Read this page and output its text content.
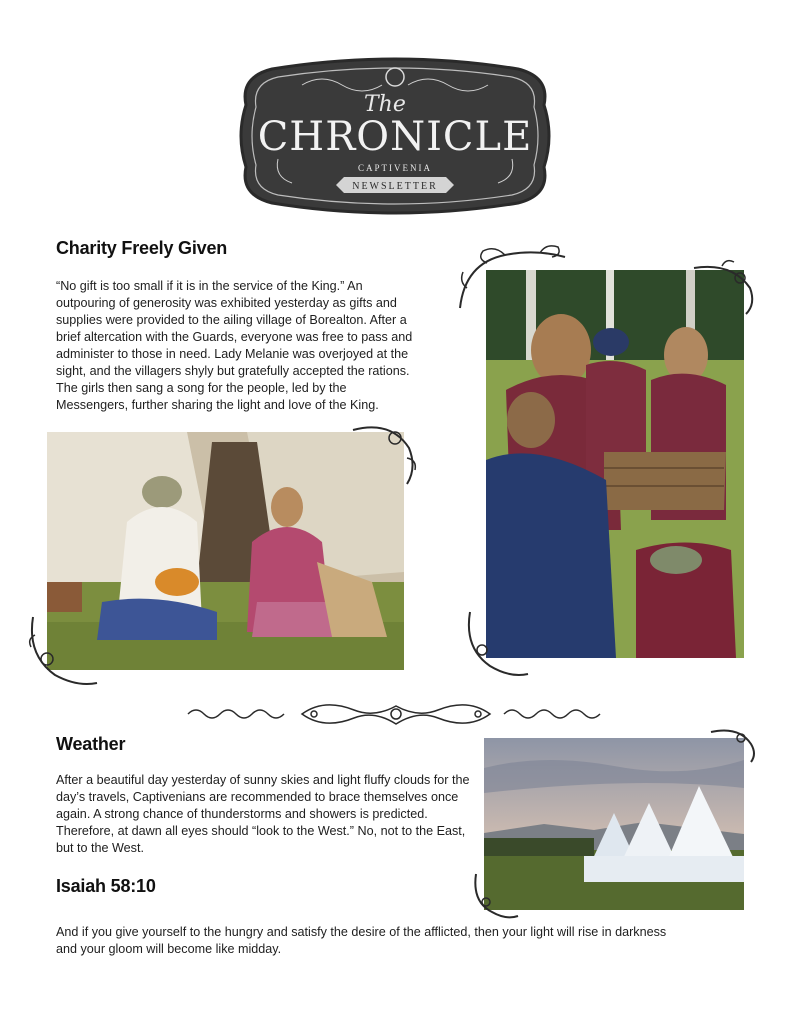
The
CHRONICLE
CAPTIVENIA
NEWSLETTER
Charity Freely Given

“No gift is too small if it is in the service of the King.” An outpouring of generosity was exhibited yesterday as gifts and supplies were provided to the ailing village of Borealton. After a brief altercation with the Guards, everyone was free to pass and administer to those in need. Lady Melanie was overjoyed at the sight, and the villagers shyly but gratefully accepted the rations. The girls then sang a song for the people, led by the Messengers, further sharing the light and love of the King.

Weather

After a beautiful day yesterday of sunny skies and light fluffy clouds for the day’s travels, Captivenians are recommended to brace themselves once again. A strong chance of thunderstorms and showers is predicted. Therefore, at dawn all eyes should “look to the West.” No, not to the East, but to the West.

Isaiah 58:10

And if you give yourself to the hungry and satisfy the desire of the afflicted, then your light will rise in darkness and your gloom will become like midday.
